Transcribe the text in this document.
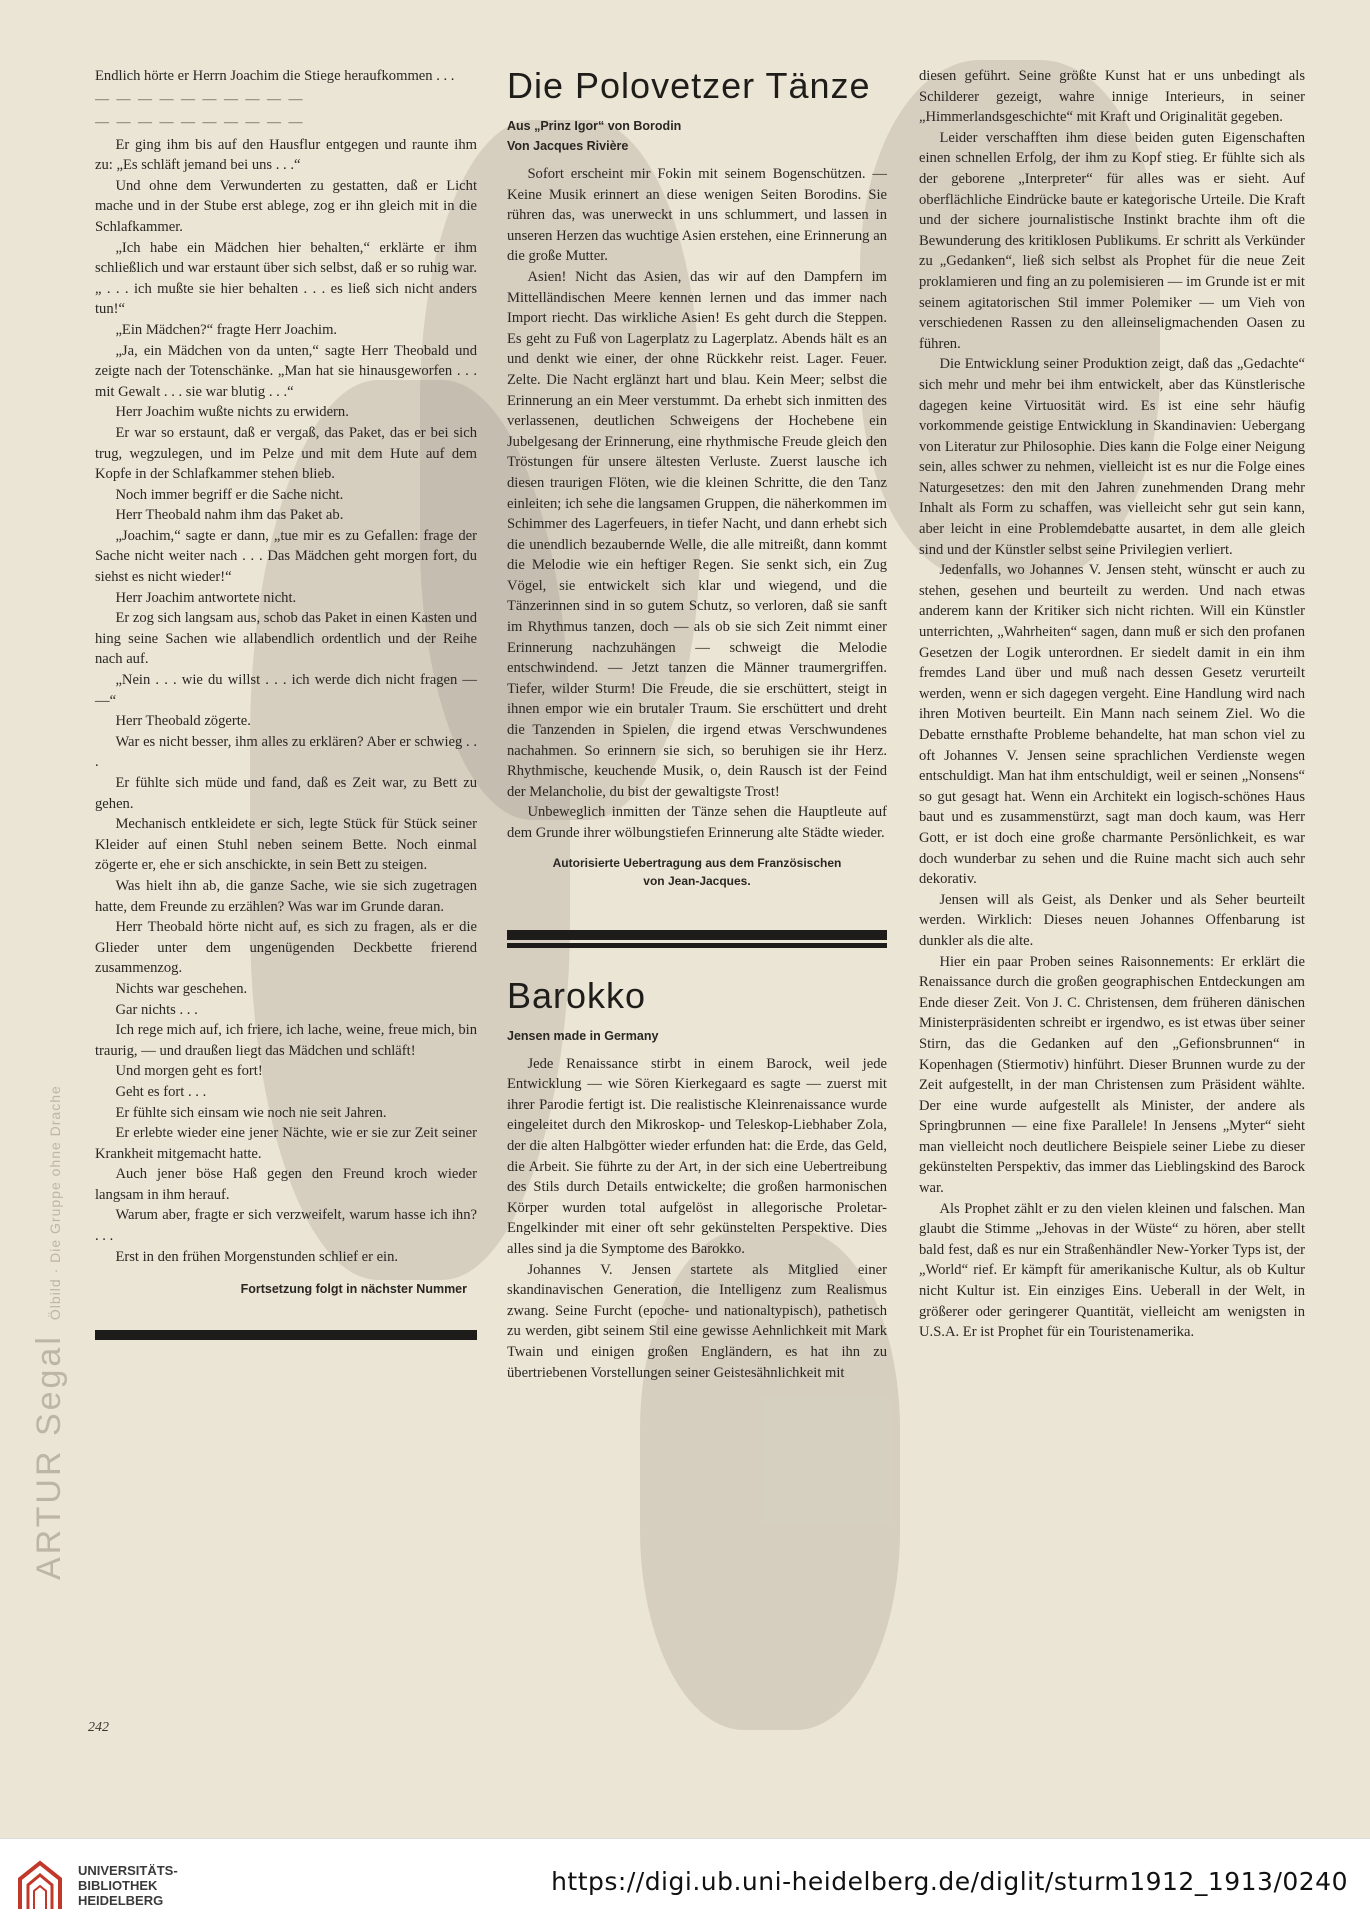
ARTUR SegalÖlbild · Die Gruppe ohne Drache

Endlich hörte er Herrn Joachim die Stiege heraufkommen . . .

— — — — — — — — — —
— — — — — — — — — —

Er ging ihm bis auf den Hausflur entgegen und raunte ihm zu: „Es schläft jemand bei uns . . .“

Und ohne dem Verwunderten zu gestatten, daß er Licht mache und in der Stube erst ablege, zog er ihn gleich mit in die Schlafkammer.

„Ich habe ein Mädchen hier behalten,“ erklärte er ihm schließlich und war erstaunt über sich selbst, daß er so ruhig war. „ . . . ich mußte sie hier behalten . . . es ließ sich nicht anders tun!“

„Ein Mädchen?“ fragte Herr Joachim.

„Ja, ein Mädchen von da unten,“ sagte Herr Theobald und zeigte nach der Totenschänke. „Man hat sie hinausgeworfen . . . mit Gewalt . . . sie war blutig . . .“

Herr Joachim wußte nichts zu erwidern.

Er war so erstaunt, daß er vergaß, das Paket, das er bei sich trug, wegzulegen, und im Pelze und mit dem Hute auf dem Kopfe in der Schlafkammer stehen blieb.

Noch immer begriff er die Sache nicht.

Herr Theobald nahm ihm das Paket ab.

„Joachim,“ sagte er dann, „tue mir es zu Gefallen: frage der Sache nicht weiter nach . . . Das Mädchen geht morgen fort, du siehst es nicht wieder!“

Herr Joachim antwortete nicht.

Er zog sich langsam aus, schob das Paket in einen Kasten und hing seine Sachen wie allabendlich ordentlich und der Reihe nach auf.

„Nein . . . wie du willst . . . ich werde dich nicht fragen — —“

Herr Theobald zögerte.

War es nicht besser, ihm alles zu erklären? Aber er schwieg . . .

Er fühlte sich müde und fand, daß es Zeit war, zu Bett zu gehen.

Mechanisch entkleidete er sich, legte Stück für Stück seiner Kleider auf einen Stuhl neben seinem Bette. Noch einmal zögerte er, ehe er sich anschickte, in sein Bett zu steigen.

Was hielt ihn ab, die ganze Sache, wie sie sich zugetragen hatte, dem Freunde zu erzählen? Was war im Grunde daran.

Herr Theobald hörte nicht auf, es sich zu fragen, als er die Glieder unter dem ungenügenden Deckbette frierend zusammenzog.

Nichts war geschehen.

Gar nichts . . .

Ich rege mich auf, ich friere, ich lache, weine, freue mich, bin traurig, — und draußen liegt das Mädchen und schläft!

Und morgen geht es fort!

Geht es fort . . .

Er fühlte sich einsam wie noch nie seit Jahren.

Er erlebte wieder eine jener Nächte, wie er sie zur Zeit seiner Krankheit mitgemacht hatte.

Auch jener böse Haß gegen den Freund kroch wieder langsam in ihm herauf.

Warum aber, fragte er sich verzweifelt, warum hasse ich ihn? . . .

Erst in den frühen Morgenstunden schlief er ein.

Fortsetzung folgt in nächster Nummer
Die Polovetzer Tänze
Aus „Prinz Igor“ von Borodin
Von Jacques Rivière

Sofort erscheint mir Fokin mit seinem Bogenschützen. — Keine Musik erinnert an diese wenigen Seiten Borodins. Sie rühren das, was unerweckt in uns schlummert, und lassen in unseren Herzen das wuchtige Asien erstehen, eine Erinnerung an die große Mutter.

Asien! Nicht das Asien, das wir auf den Dampfern im Mittelländischen Meere kennen lernen und das immer nach Import riecht. Das wirkliche Asien! Es geht durch die Steppen. Es geht zu Fuß von Lagerplatz zu Lagerplatz. Abends hält es an und denkt wie einer, der ohne Rückkehr reist. Lager. Feuer. Zelte. Die Nacht erglänzt hart und blau. Kein Meer; selbst die Erinnerung an ein Meer verstummt. Da erhebt sich inmitten des verlassenen, deutlichen Schweigens der Hochebene ein Jubelgesang der Erinnerung, eine rhythmische Freude gleich den Tröstungen für unsere ältesten Verluste. Zuerst lausche ich diesen traurigen Flöten, wie die kleinen Schritte, die den Tanz einleiten; ich sehe die langsamen Gruppen, die näherkommen im Schimmer des Lagerfeuers, in tiefer Nacht, und dann erhebt sich die unendlich bezaubernde Welle, die alle mitreißt, dann kommt die Melodie wie ein heftiger Regen. Sie senkt sich, ein Zug Vögel, sie entwickelt sich klar und wiegend, und die Tänzerinnen sind in so gutem Schutz, so verloren, daß sie sanft im Rhythmus tanzen, doch — als ob sie sich Zeit nimmt einer Erinnerung nachzuhängen — schweigt die Melodie entschwindend. — Jetzt tanzen die Männer traumergriffen. Tiefer, wilder Sturm! Die Freude, die sie erschüttert, steigt in ihnen empor wie ein brutaler Traum. Sie erschüttert und dreht die Tanzenden in Spielen, die irgend etwas Verschwundenes nachahmen. So erinnern sie sich, so beruhigen sie ihr Herz. Rhythmische, keuchende Musik, o, dein Rausch ist der Feind der Melancholie, du bist der gewaltigste Trost!

Unbeweglich inmitten der Tänze sehen die Hauptleute auf dem Grunde ihrer wölbungstiefen Erinnerung alte Städte wieder.

Autorisierte Uebertragung aus dem Französischen
von Jean-Jacques.
Barokko
Jensen made in Germany

Jede Renaissance stirbt in einem Barock, weil jede Entwicklung — wie Sören Kierkegaard es sagte — zuerst mit ihrer Parodie fertigt ist. Die realistische Kleinrenaissance wurde eingeleitet durch den Mikroskop- und Teleskop-Liebhaber Zola, der die alten Halbgötter wieder erfunden hat: die Erde, das Geld, die Arbeit. Sie führte zu der Art, in der sich eine Uebertreibung des Stils durch Details entwickelte; die großen harmonischen Körper wurden total aufgelöst in allegorische Proletar-Engelkinder mit einer oft sehr gekünstelten Perspektive. Dies alles sind ja die Symptome des Barokko.

Johannes V. Jensen startete als Mitglied einer skandinavischen Generation, die Intelligenz zum Realismus zwang. Seine Furcht (epoche- und nationaltypisch), pathetisch zu werden, gibt seinem Stil eine gewisse Aehnlichkeit mit Mark Twain und einigen großen Engländern, es hat ihn zu übertriebenen Vorstellungen seiner Geistesähnlichkeit mit

diesen geführt. Seine größte Kunst hat er uns unbedingt als Schilderer gezeigt, wahre innige Interieurs, in seiner „Himmerlandsgeschichte“ mit Kraft und Originalität gegeben.

Leider verschafften ihm diese beiden guten Eigenschaften einen schnellen Erfolg, der ihm zu Kopf stieg. Er fühlte sich als der geborene „Interpreter“ für alles was er sieht. Auf oberflächliche Eindrücke baute er kategorische Urteile. Die Kraft und der sichere journalistische Instinkt brachte ihm oft die Bewunderung des kritiklosen Publikums. Er schritt als Verkünder zu „Gedanken“, ließ sich selbst als Prophet für die neue Zeit proklamieren und fing an zu polemisieren — im Grunde ist er mit seinem agitatorischen Stil immer Polemiker — um Vieh von verschiedenen Rassen zu den alleinseligmachenden Oasen zu führen.

Die Entwicklung seiner Produktion zeigt, daß das „Gedachte“ sich mehr und mehr bei ihm entwickelt, aber das Künstlerische dagegen keine Virtuosität wird. Es ist eine sehr häufig vorkommende geistige Entwicklung in Skandinavien: Uebergang von Literatur zur Philosophie. Dies kann die Folge einer Neigung sein, alles schwer zu nehmen, vielleicht ist es nur die Folge eines Naturgesetzes: den mit den Jahren zunehmenden Drang mehr Inhalt als Form zu schaffen, was vielleicht sehr gut sein kann, aber leicht in eine Problemdebatte ausartet, in dem alle gleich sind und der Künstler selbst seine Privilegien verliert.

Jedenfalls, wo Johannes V. Jensen steht, wünscht er auch zu stehen, gesehen und beurteilt zu werden. Und nach etwas anderem kann der Kritiker sich nicht richten. Will ein Künstler unterrichten, „Wahrheiten“ sagen, dann muß er sich den profanen Gesetzen der Logik unterordnen. Er siedelt damit in ein ihm fremdes Land über und muß nach dessen Gesetz verurteilt werden, wenn er sich dagegen vergeht. Eine Handlung wird nach ihren Motiven beurteilt. Ein Mann nach seinem Ziel. Wo die Debatte ernsthafte Probleme behandelte, hat man schon viel zu oft Johannes V. Jensen seine sprachlichen Verdienste wegen entschuldigt. Man hat ihm entschuldigt, weil er seinen „Nonsens“ so gut gesagt hat. Wenn ein Architekt ein logisch-schönes Haus baut und es zusammenstürzt, sagt man doch kaum, was Herr Gott, er ist doch eine große charmante Persönlichkeit, es war doch wunderbar zu sehen und die Ruine macht sich auch sehr dekorativ.

Jensen will als Geist, als Denker und als Seher beurteilt werden. Wirklich: Dieses neuen Johannes Offenbarung ist dunkler als die alte.

Hier ein paar Proben seines Raisonnements: Er erklärt die Renaissance durch die großen geographischen Entdeckungen am Ende dieser Zeit. Von J. C. Christensen, dem früheren dänischen Ministerpräsidenten schreibt er irgendwo, es ist etwas über seiner Stirn, das die Gedanken auf den „Gefionsbrunnen“ in Kopenhagen (Stiermotiv) hinführt. Dieser Brunnen wurde zu der Zeit aufgestellt, in der man Christensen zum Präsident wählte. Der eine wurde aufgestellt als Minister, der andere als Springbrunnen — eine fixe Parallele! In Jensens „Myter“ sieht man vielleicht noch deutlichere Beispiele seiner Liebe zu dieser gekünstelten Perspektiv, das immer das Lieblingskind des Barock war.

Als Prophet zählt er zu den vielen kleinen und falschen. Man glaubt die Stimme „Jehovas in der Wüste“ zu hören, aber stellt bald fest, daß es nur ein Straßenhändler New-Yorker Typs ist, der „World“ rief. Er kämpft für amerikanische Kultur, als ob Kultur nicht Kultur ist. Ein einziges Eins. Ueberall in der Welt, in größerer oder geringerer Quantität, vielleicht am wenigsten in U.S.A. Er ist Prophet für ein Touristenamerika.

242
UNIVERSITÄTS-
BIBLIOTHEK
HEIDELBERG
https://digi.ub.uni-heidelberg.de/diglit/sturm1912_1913/0240
